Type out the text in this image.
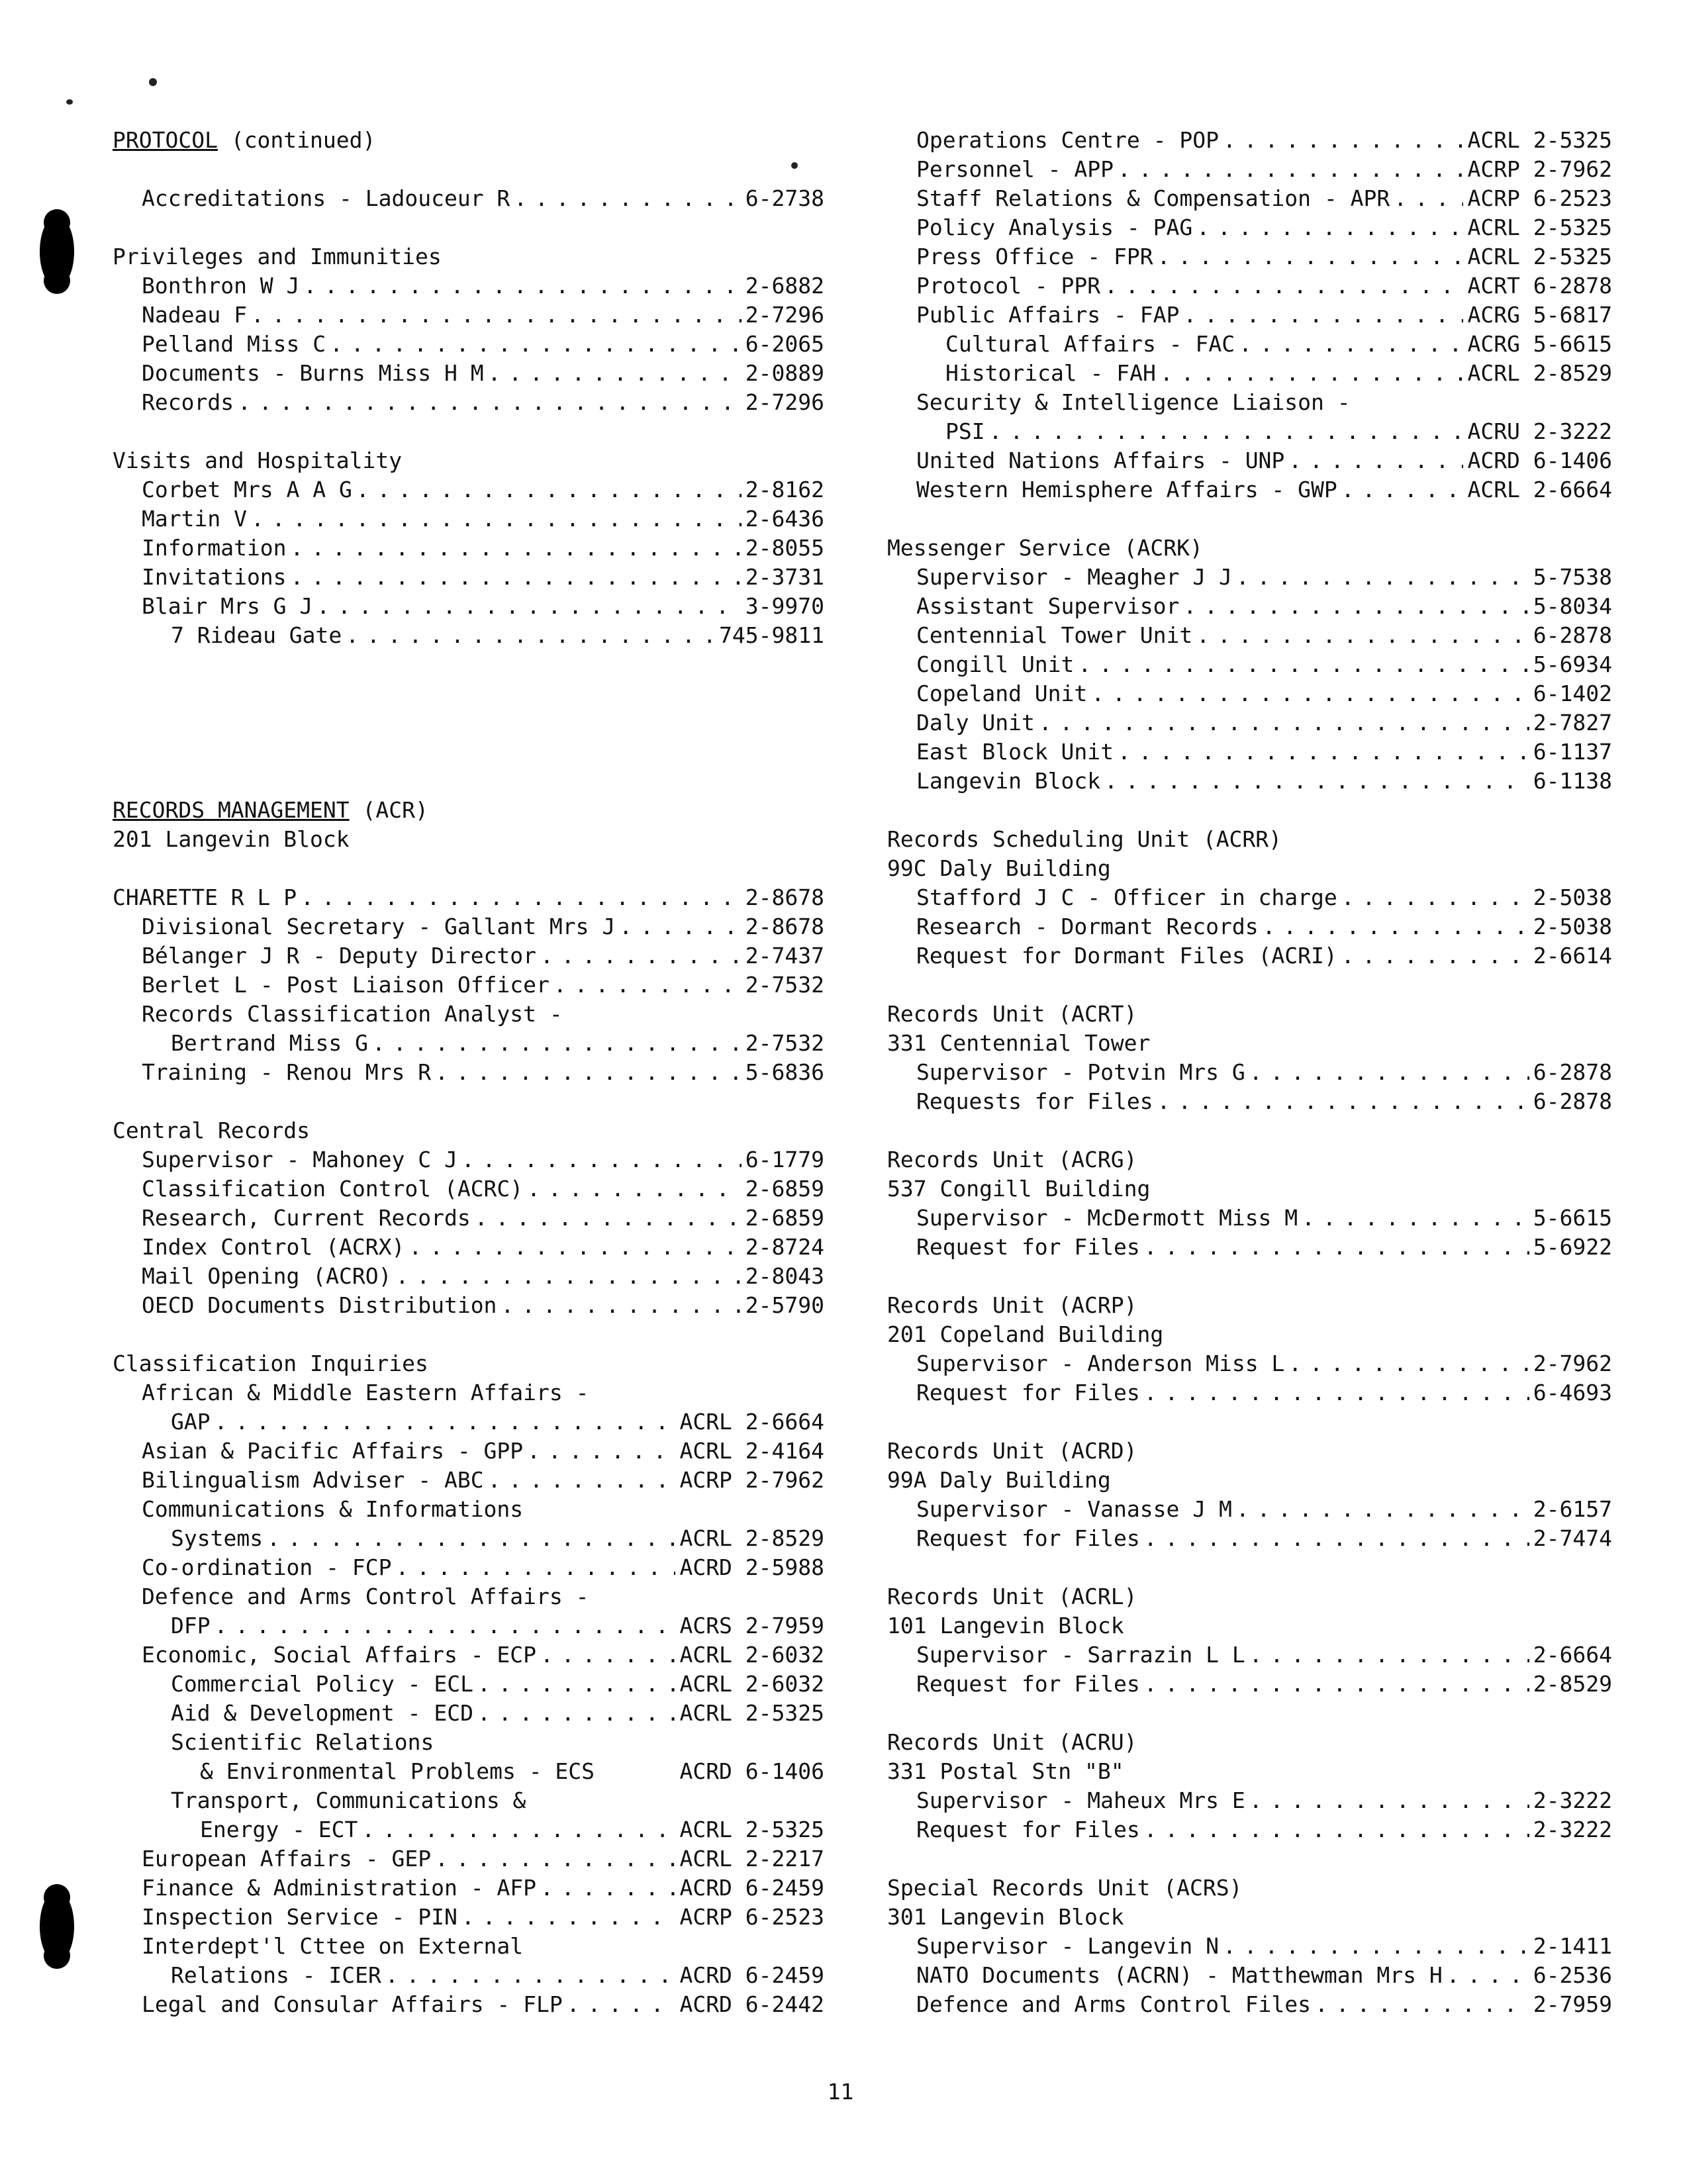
PROTOCOL (continued)
Accreditations - Ladouceur R . . .	6-2738
Privileges and Immunities
Bonthron W J . . .	2-6882
Nadeau F . . .	2-7296
Pelland Miss C . . .	6-2065
Documents - Burns Miss H M . . .	2-0889
Records . . .	2-7296
Visits and Hospitality
Corbet Mrs A A G . . .	2-8162
Martin V . . .	2-6436
Information . . .	2-8055
Invitations . . .	2-3731
Blair Mrs G J . . .	3-9970
7 Rideau Gate . . .	745-9811
RECORDS MANAGEMENT (ACR)
201 Langevin Block
CHARETTE R L P . . .	2-8678
Divisional Secretary - Gallant Mrs J . . .	2-8678
Bélanger J R - Deputy Director . . .	2-7437
Berlet L - Post Liaison Officer . . .	2-7532
Records Classification Analyst -
Bertrand Miss G . . .	2-7532
Training - Renou Mrs R . . .	5-6836
Central Records
Supervisor - Mahoney C J . . .	6-1779
Classification Control (ACRC) . . .	2-6859
Research, Current Records . . .	2-6859
Index Control (ACRX) . . .	2-8724
Mail Opening (ACRO) . . .	2-8043
OECD Documents Distribution . . .	2-5790
Classification Inquiries
African & Middle Eastern Affairs -
GAP . . .	ACRL 2-6664
Asian & Pacific Affairs - GPP . . .	ACRL 2-4164
Bilingualism Adviser - ABC . . .	ACRP 2-7962
Communications & Informations
Systems . . .	ACRL 2-8529
Co-ordination - FCP . . .	ACRD 2-5988
Defence and Arms Control Affairs -
DFP . . .	ACRS 2-7959
Economic, Social Affairs - ECP . . .	ACRL 2-6032
Commercial Policy - ECL . . .	ACRL 2-6032
Aid & Development - ECD . . .	ACRL 2-5325
Scientific Relations
& Environmental Problems - ECS	ACRD 6-1406
Transport, Communications &
Energy - ECT . . .	ACRL 2-5325
European Affairs - GEP . . .	ACRL 2-2217
Finance & Administration - AFP . . .	ACRD 6-2459
Inspection Service - PIN . . .	ACRP 6-2523
Interdept'l Cttee on External
Relations - ICER . . .	ACRD 6-2459
Legal and Consular Affairs - FLP . . .	ACRD 6-2442
Operations Centre - POP . . .	ACRL 2-5325
Personnel - APP . . .	ACRP 2-7962
Staff Relations & Compensation - APR . . .	ACRP 6-2523
Policy Analysis - PAG . . .	ACRL 2-5325
Press Office - FPR . . .	ACRL 2-5325
Protocol - PPR . . .	ACRT 6-2878
Public Affairs - FAP . . .	ACRG 5-6817
Cultural Affairs - FAC . . .	ACRG 5-6615
Historical - FAH . . .	ACRL 2-8529
Security & Intelligence Liaison -
PSI . . .	ACRU 2-3222
United Nations Affairs - UNP . . .	ACRD 6-1406
Western Hemisphere Affairs - GWP . . .	ACRL 2-6664
Messenger Service (ACRK)
Supervisor - Meagher J J . . .	5-7538
Assistant Supervisor . . .	5-8034
Centennial Tower Unit . . .	6-2878
Congill Unit . . .	5-6934
Copeland Unit . . .	6-1402
Daly Unit . . .	2-7827
East Block Unit . . .	6-1137
Langevin Block . . .	6-1138
Records Scheduling Unit (ACRR)
99C Daly Building
Stafford J C - Officer in charge . . .	2-5038
Research - Dormant Records . . .	2-5038
Request for Dormant Files (ACRI) . . .	2-6614
Records Unit (ACRT)
331 Centennial Tower
Supervisor - Potvin Mrs G . . .	6-2878
Requests for Files . . .	6-2878
Records Unit (ACRG)
537 Congill Building
Supervisor - McDermott Miss M . . .	5-6615
Request for Files . . .	5-6922
Records Unit (ACRP)
201 Copeland Building
Supervisor - Anderson Miss L . . .	2-7962
Request for Files . . .	6-4693
Records Unit (ACRD)
99A Daly Building
Supervisor - Vanasse J M . . .	2-6157
Request for Files . . .	2-7474
Records Unit (ACRL)
101 Langevin Block
Supervisor - Sarrazin L L . . .	2-6664
Request for Files . . .	2-8529
Records Unit (ACRU)
331 Postal Stn "B"
Supervisor - Maheux Mrs E . . .	2-3222
Request for Files . . .	2-3222
Special Records Unit (ACRS)
301 Langevin Block
Supervisor - Langevin N . . .	2-1411
NATO Documents (ACRN) - Matthewman Mrs H . . .	6-2536
Defence and Arms Control Files . . .	2-7959
11
